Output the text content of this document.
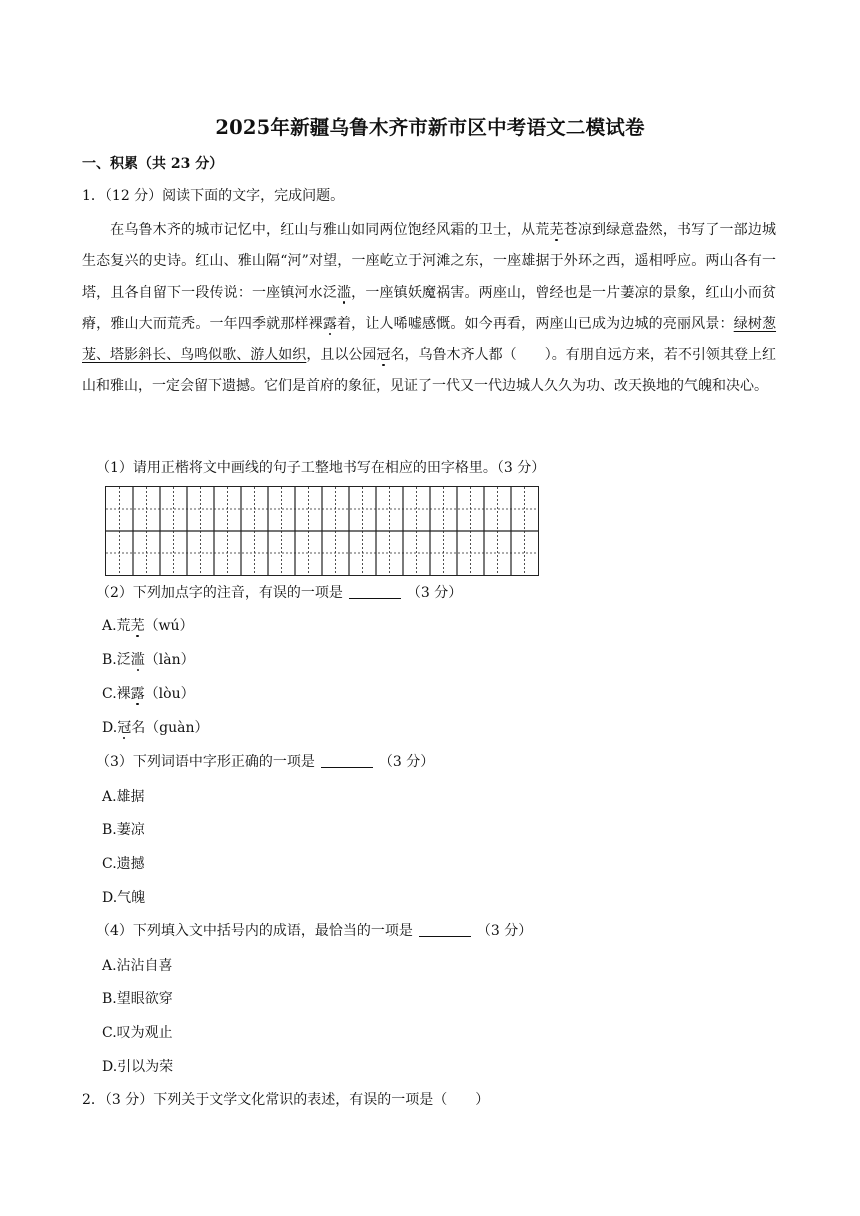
2025年新疆乌鲁木齐市新市区中考语文二模试卷
一、积累（共 23 分）
1．（12 分）阅读下面的文字，完成问题。
在乌鲁木齐的城市记忆中，红山与雅山如同两位饱经风霜的卫士，从荒芜苍凉到绿意盎然，书写了一部边城生态复兴的史诗。红山、雅山隔“河”对望，一座屹立于河滩之东，一座雄据于外环之西，遥相呼应。两山各有一塔，且各自留下一段传说：一座镇河水泛滥，一座镇妖魔祸害。两座山，曾经也是一片萋凉的景象，红山小而贫瘠，雅山大而荒秃。一年四季就那样裸露着，让人唏嘘感慨。如今再看，两座山已成为边城的亮丽风景：绿树葱茏、塔影斜长、鸟鸣似歌、游人如织，且以公园冠名，乌鲁木齐人都（　　）。有朋自远方来，若不引领其登上红山和雅山，一定会留下遗撼。它们是首府的象征，见证了一代又一代边城人久久为功、改天换地的气魄和决心。
（1）请用正楷将文中画线的句子工整地书写在相应的田字格里。（3 分）
（2）下列加点字的注音，有误的一项是	（3 分）
A.荒芜（wú）
B.泛滥（làn）
C.裸露（lòu）
D.冠名（guàn）
（3）下列词语中字形正确的一项是	（3 分）
A.雄据
B.萋凉
C.遗撼
D.气魄
（4）下列填入文中括号内的成语，最恰当的一项是	（3 分）
A.沾沾自喜
B.望眼欲穿
C.叹为观止
D.引以为荣
2．（3 分）下列关于文学文化常识的表述，有误的一项是（　　）
